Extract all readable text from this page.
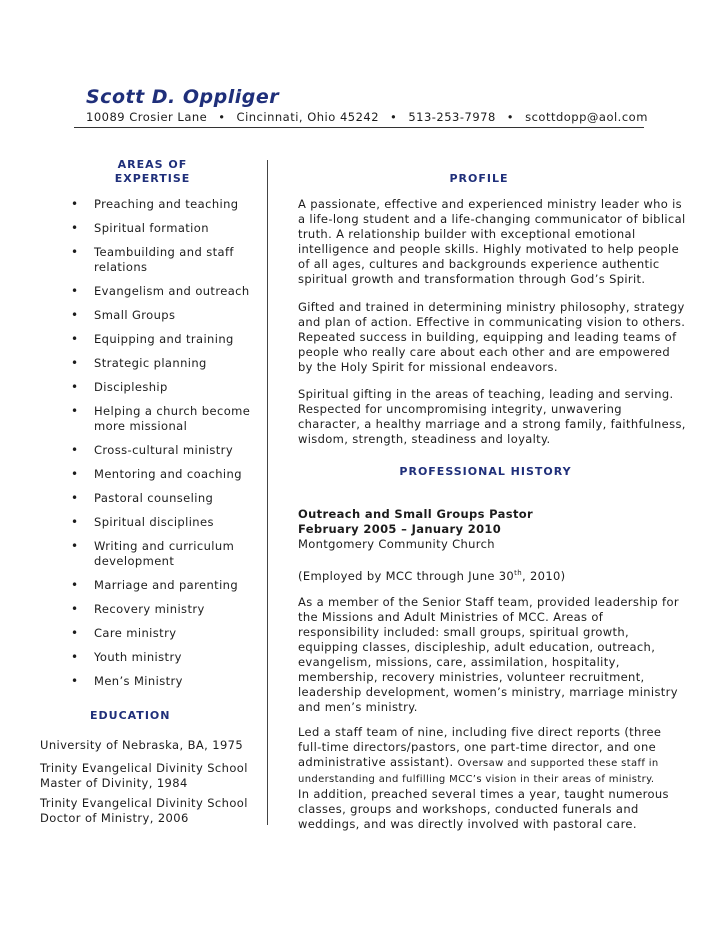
Scott D. Oppliger
10089 Crosier Lane • Cincinnati, Ohio 45242 • 513-253-7978 • scottdopp@aol.com
AREAS OF
EXPERTISE
• Preaching and teaching
• Spiritual formation
• Teambuilding and staff relations
• Evangelism and outreach
• Small Groups
• Equipping and training
• Strategic planning
• Discipleship
• Helping a church become more missional
• Cross-cultural ministry
• Mentoring and coaching
• Pastoral counseling
• Spiritual disciplines
• Writing and curriculum development
• Marriage and parenting
• Recovery ministry
• Care ministry
• Youth ministry
• Men’s Ministry
EDUCATION
University of Nebraska, BA, 1975
Trinity Evangelical Divinity School
Master of Divinity, 1984
Trinity Evangelical Divinity School
Doctor of Ministry, 2006
PROFILE

A passionate, effective and experienced ministry leader who is a life-long student and a life-changing communicator of biblical truth. A relationship builder with exceptional emotional intelligence and people skills. Highly motivated to help people of all ages, cultures and backgrounds experience authentic spiritual growth and transformation through God’s Spirit.

Gifted and trained in determining ministry philosophy, strategy and plan of action. Effective in communicating vision to others. Repeated success in building, equipping and leading teams of people who really care about each other and are empowered by the Holy Spirit for missional endeavors.

Spiritual gifting in the areas of teaching, leading and serving. Respected for uncompromising integrity, unwavering character, a healthy marriage and a strong family, faithfulness, wisdom, strength, steadiness and loyalty.

PROFESSIONAL HISTORY

Outreach and Small Groups Pastor

February 2005 – January 2010

Montgomery Community Church

(Employed by MCC through June 30th, 2010)

As a member of the Senior Staff team, provided leadership for the Missions and Adult Ministries of MCC. Areas of responsibility included: small groups, spiritual growth, equipping classes, discipleship, adult education, outreach, evangelism, missions, care, assimilation, hospitality, membership, recovery ministries, volunteer recruitment, leadership development, women’s ministry, marriage ministry and men’s ministry.

Led a staff team of nine, including five direct reports (three full-time directors/pastors, one part-time director, and one administrative assistant). Oversaw and supported these staff in understanding and fulfilling MCC’s vision in their areas of ministry.

In addition, preached several times a year, taught numerous classes, groups and workshops, conducted funerals and weddings, and was directly involved with pastoral care.
